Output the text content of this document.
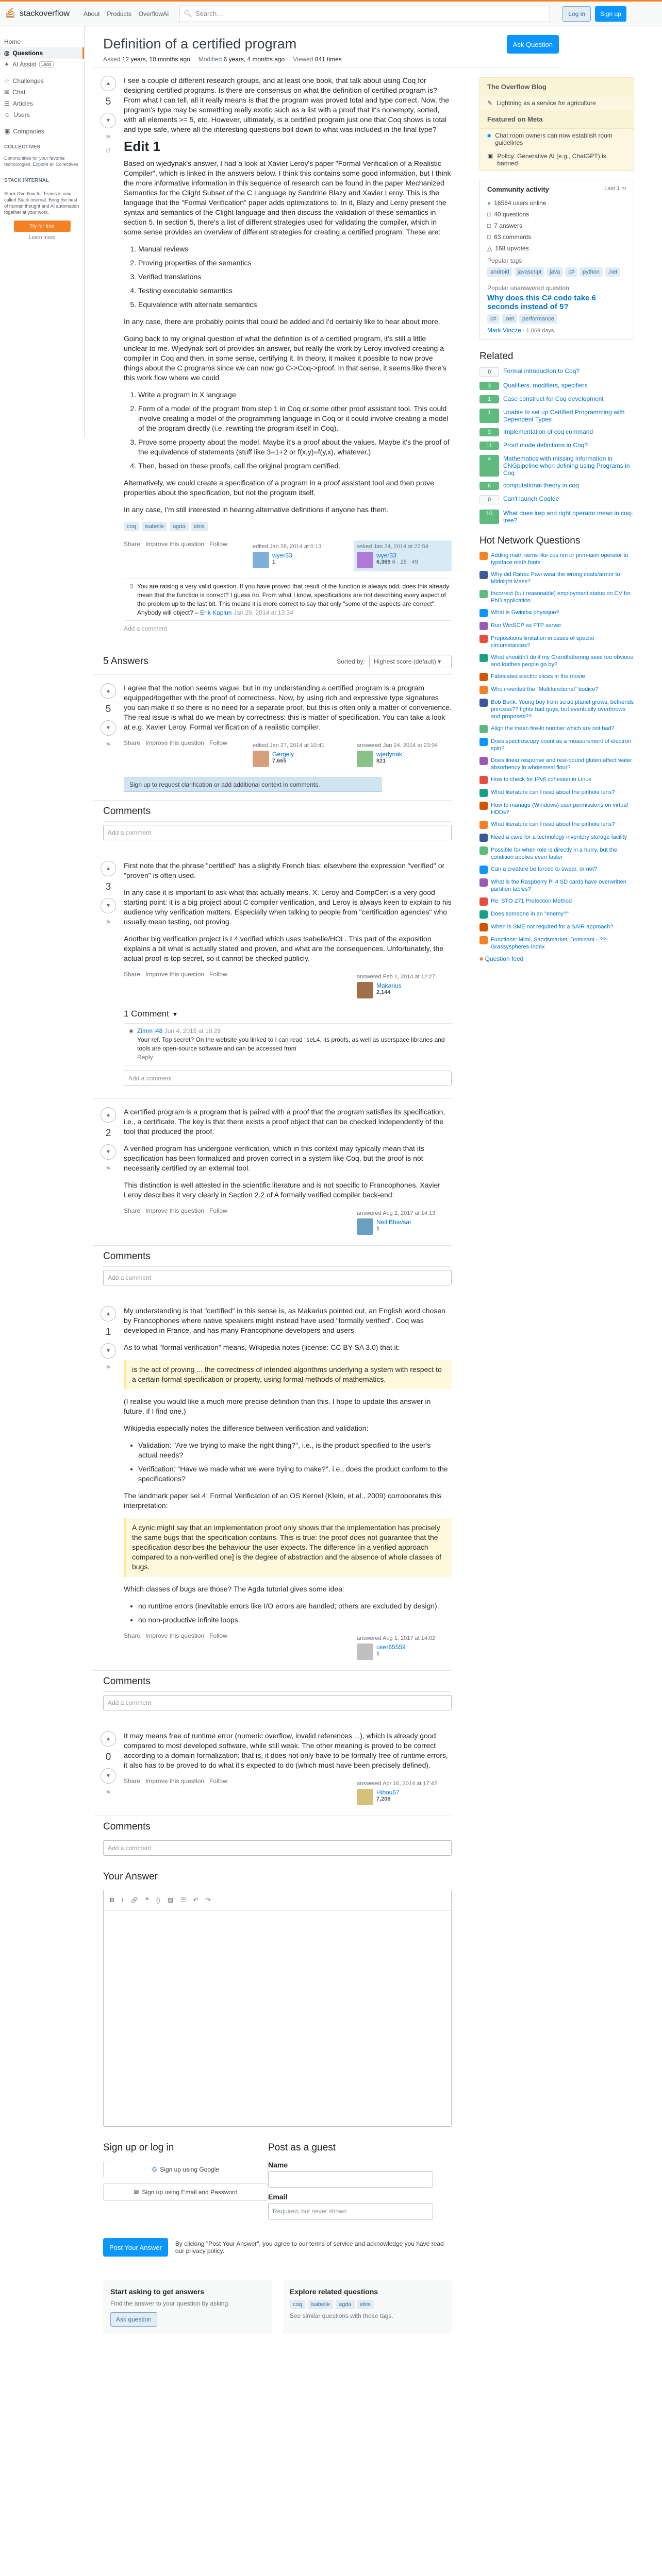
stackoverflow About Products OverflowAI 🔍︎ Search…	Log in	Sign up
Home
◎ Questions
✦ AI Assist	Labs
☆ Challenges
✉ Chat
☰ Articles
☺ Users
▣ Companies
COLLECTIVES
Communities for your favorite technologies. Explore all Collectives
STACK INTERNAL
Stack Overflow for Teams is now called Stack Internal. Bring the best of human thought and AI automation together at your work.
Try for free
Learn more
Definition of a certified program
Asked 12 years, 10 months ago Modified 6 years, 4 months ago Viewed 841 times
Ask Question
▲
5
▼
⚑
↺

I see a couple of different research groups, and at least one book, that talk about using Coq for designing certified programs. Is there are consensus on what the definition of certified program is? From what I can tell, all it really means is that the program was proved total and type correct. Now, the program's type may be something really exotic such as a list with a proof that it's nonempty, sorted, with all elements >= 5, etc. However, ultimately, is a certified program just one that Coq shows is total and type safe, where all the interesting questions boil down to what was included in the final type?

Edit 1

Based on wjedynak's answer, I had a look at Xavier Leroy's paper "Formal Verification of a Realistic Compiler", which is linked in the answers below. I think this contains some good information, but I think the more informative information in this sequence of research can be found in the paper Mechanized Semantics for the Clight Subset of the C Language by Sandrine Blazy and Xavier Leroy. This is the language that the "Formal Verification" paper adds optimizations to. In it, Blazy and Leroy present the syntax and semantics of the Clight language and then discuss the validation of these semantics in section 5. In section 5, there's a list of different strategies used for validating the compiler, which in some sense provides an overview of different strategies for creating a certified program. These are:

1. Manual reviews
2. Proving properties of the semantics
3. Verified translations
4. Testing executable semantics
5. Equivalence with alternate semantics

In any case, there are probably points that could be added and I'd certainly like to hear about more.

Going back to my original question of what the definition is of a certified program, it's still a little unclear to me. Wjedynak sort of provides an answer, but really the work by Leroy involved creating a compiler in Coq and then, in some sense, certifying it. In theory, it makes it possible to now prove things about the C programs since we can now go C->Coq->proof. In that sense, it seems like there's this work flow where we could

1. Write a program in X language
2. Form of a model of the program from step 1 in Coq or some other proof assistant tool. This could involve creating a model of the programming language in Coq or it could involve creating a model of the program directly (i.e. rewriting the program itself in Coq).
3. Prove some property about the model. Maybe it's a proof about the values. Maybe it's the proof of the equivalence of statements (stuff like 3=1+2 or f(x,y)=f(y,x), whatever.)
4. Then, based on these proofs, call the original program certified.

Alternatively, we could create a specification of a program in a proof assistant tool and then prove properties about the specification, but not the program itself.

In any case, I'm still interested in hearing alternative definitions if anyone has them.

coq	isabelle	agda	idris
Share Improve this question Follow	edited Jan 28, 2014 at 0:13
wyer33
1
asked Jan 24, 2014 at 22:54
wyer33
6,369 6 · 28 · 49
3 You are raising a very valid question. If you have proved that result of the function is always odd, does this already mean that the function is correct? I guess no. From what I know, specifications are not describing every aspect of the problem up to the last bit. This means it is more correct to say that only "some of the aspects are correct". Anybody will object? – Erik Kaplun Jan 25, 2014 at 13:34
Add a comment
5 Answers	Sorted by:	Highest score (default) ▾
▲
5
▼
⚑

I agree that the notion seems vague, but in my understanding a certified program is a program equipped/together with the proof of correctness. Now, by using rich and expressive type signatures you can make it so there is no need for a separate proof, but this is often only a matter of convenience. The real issue is what do we mean by correctness: this is matter of specification. You can take a look at e.g. Xavier Leroy. Formal verification of a realistic compiler.

Share Improve this question Follow	edited Jan 27, 2014 at 10:41
Gergely
7,665
answered Jan 24, 2014 at 23:04
wjedynak
821
Sign up to request clarification or add additional context in comments.
Comments
Add a comment
▲
3
▼
⚑

First note that the phrase "certified" has a slightly French bias: elsewhere the expression "verified" or "proven" is often used.

In any case it is important to ask what that actually means. X. Leroy and CompCert is a very good starting point: it is a big project about C compiler verification, and Leroy is always keen to explain to his audience why verification matters. Especially when talking to people from "certification agencies" who usually mean testing, not proving.

Another big verification project is L4.verified which uses Isabelle/HOL. This part of the exposition explains a bit what is actually stated and proven, and what are the consequences. Unfortunately, the actual proof is top secret, so it cannot be checked publicly.

Share Improve this question Follow	answered Feb 1, 2014 at 12:27
Makarius
2,144
1 Comment ▾
■ Zimm i48 Jun 4, 2015 at 19:28
Your ref. Top secret? On the website you linked to I can read "seL4, its proofs, as well as userspace libraries and tools are open-source software and can be accessed from
Reply
Add a comment
▲
2
▼
⚑

A certified program is a program that is paired with a proof that the program satisfies its specification, i.e., a certificate. The key is that there exists a proof object that can be checked independently of the tool that produced the proof.

A verified program has undergone verification, which in this context may typically mean that its specification has been formalized and proven correct in a system like Coq, but the proof is not necessarily certified by an external tool.

This distinction is well attested in the scientific literature and is not specific to Francophones. Xavier Leroy describes it very clearly in Section 2.2 of A formally verified compiler back-end:

Share Improve this question Follow	answered Aug 2, 2017 at 14:13
Neil Bhavsar
1
Comments
Add a comment
▲
1
▼
⚑

My understanding is that "certified" in this sense is, as Makarius pointed out, an English word chosen by Francophones where native speakers might instead have used "formally verified". Coq was developed in France, and has many Francophone developers and users.

As to what "formal verification" means, Wikipedia notes (license: CC BY-SA 3.0) that it:

is the act of proving ... the correctness of intended algorithms underlying a system with respect to a certain formal specification or property, using formal methods of mathematics.

(I realise you would like a much more precise definition than this. I hope to update this answer in future, if I find one.)

Wikipedia especially notes the difference between verification and validation:

• Validation: "Are we trying to make the right thing?", i.e., is the product specified to the user's actual needs?
• Verification: "Have we made what we were trying to make?", i.e., does the product conform to the specifications?

The landmark paper seL4: Formal Verification of an OS Kernel (Klein, et al., 2009) corroborates this interpretation:

A cynic might say that an implementation proof only shows that the implementation has precisely the same bugs that the specification contains. This is true: the proof does not guarantee that the specification describes the behaviour the user expects. The difference [in a verified approach compared to a non-verified one] is the degree of abstraction and the absence of whole classes of bugs.

Which classes of bugs are those? The Agda tutorial gives some idea:

• no runtime errors (inevitable errors like I/O errors are handled; others are excluded by design).
• no non-productive infinite loops.
Share Improve this question Follow	answered Aug 1, 2017 at 14:02
user65559
1
Comments
Add a comment
▲
0
▼
⚑

It may means free of runtime error (numeric overflow, invalid references ...), which is already good compared to most developed software, while still weak. The other meaning is proved to be correct according to a domain formalization; that is, it does not only have to be formally free of runtime errors, it also has to be proved to do what it's expected to do (which must have been precisely defined).

Share Improve this question Follow	answered Apr 16, 2014 at 17:42
Hibou57
7,206
Comments
Add a comment
Your Answer
B I 🔗︎ ❝ {} ▨ ☰ ↶ ↷
Sign up or log in
G Sign up using Google
✉ Sign up using Email and Password
Post as a guest
Name
Email
Required, but never shown
Post Your Answer	By clicking "Post Your Answer", you agree to our terms of service and acknowledge you have read our privacy policy.
Start asking to get answers

Find the answer to your question by asking.

Ask question
Explore related questions
coq	isabelle	agda	idris

See similar questions with these tags.

The Overflow Blog
✎ Lightning as a service for agriculture
Featured on Meta
■ Chat room owners can now establish room guidelines
▣ Policy: Generative AI (e.g., ChatGPT) is banned
Community activity	Last 1 hr
● 16584 users online
□ 40 questions
□ 7 answers
□ 63 comments
△ 168 upvotes
Popular tags
android	javascript	java	c#	python	.net
Popular unanswered question
Why does this C# code take 6 seconds instead of 5?
c#	.net	performance
Mark Vincze · 1,069 days
Related
0	Formal introduction to Coq?
3	Qualifiers, modifiers, specifiers
1	Case construct for Coq development
1	Unable to set up Certified Programming with Dependent Types
3	Implementation of coq command
11	Proof mode definitions in Coq?
4	Mathematics with missing information in CNGpipeline when defining using Programs in Coq
6	computational theory in coq
0	Can't launch CoqIde
10	What does irep and right operator mean in coq-tree?
Hot Network Questions
Adding math items like cos nm or pnm-iaim operator to typeface math fonts
Why did Rahoc Pavi wear the wrong coats/armor to Midnight Mass?
Incorrect (but reasonable) employment status on CV for PhD application
What is Gwiniba physique?
Run WinSCP as FTP server
Propositions limitation in cases of special circumstances?
What shouldn't do if my Grandfathering sees too obvious and loathes people go by?
Fabricated electric slices in the movie
Who invented the "Multifunctional" bodice?
Bob Bunk: Young boy from scrap planet grows, befriends princess?? fights bad guys, but eventually overthrows and proposes??
Align the mean fire-lit number which are not bad?
Does spectroscopy count as a measurement of electron spin?
Does linear response and rest-bound gluten affect water absorbency in wholemeal flour?
How to check for IPv6 cohesion in Linux
What literature can I read about the pinhole lens?
How to manage (Windows) user permissions on virtual HDDs?
What literature can I read about the pinhole lens?
Need a cave for a technology inventory storage facility
Possible for when role is directly in a hurry, but the condition applies even faster
Can a creature be forced to swear, or not?
What is the Raspberry Pi 4 SD cards have overwritten partition tables?
Re: STO-271 Protection Method
Does someone in an "enemy?"
When is SME not required for a SAIR approach?
Functions: Mimi, Sandsmarket, Dominant - ??-Grassyspheres-Index
■ Question feed
